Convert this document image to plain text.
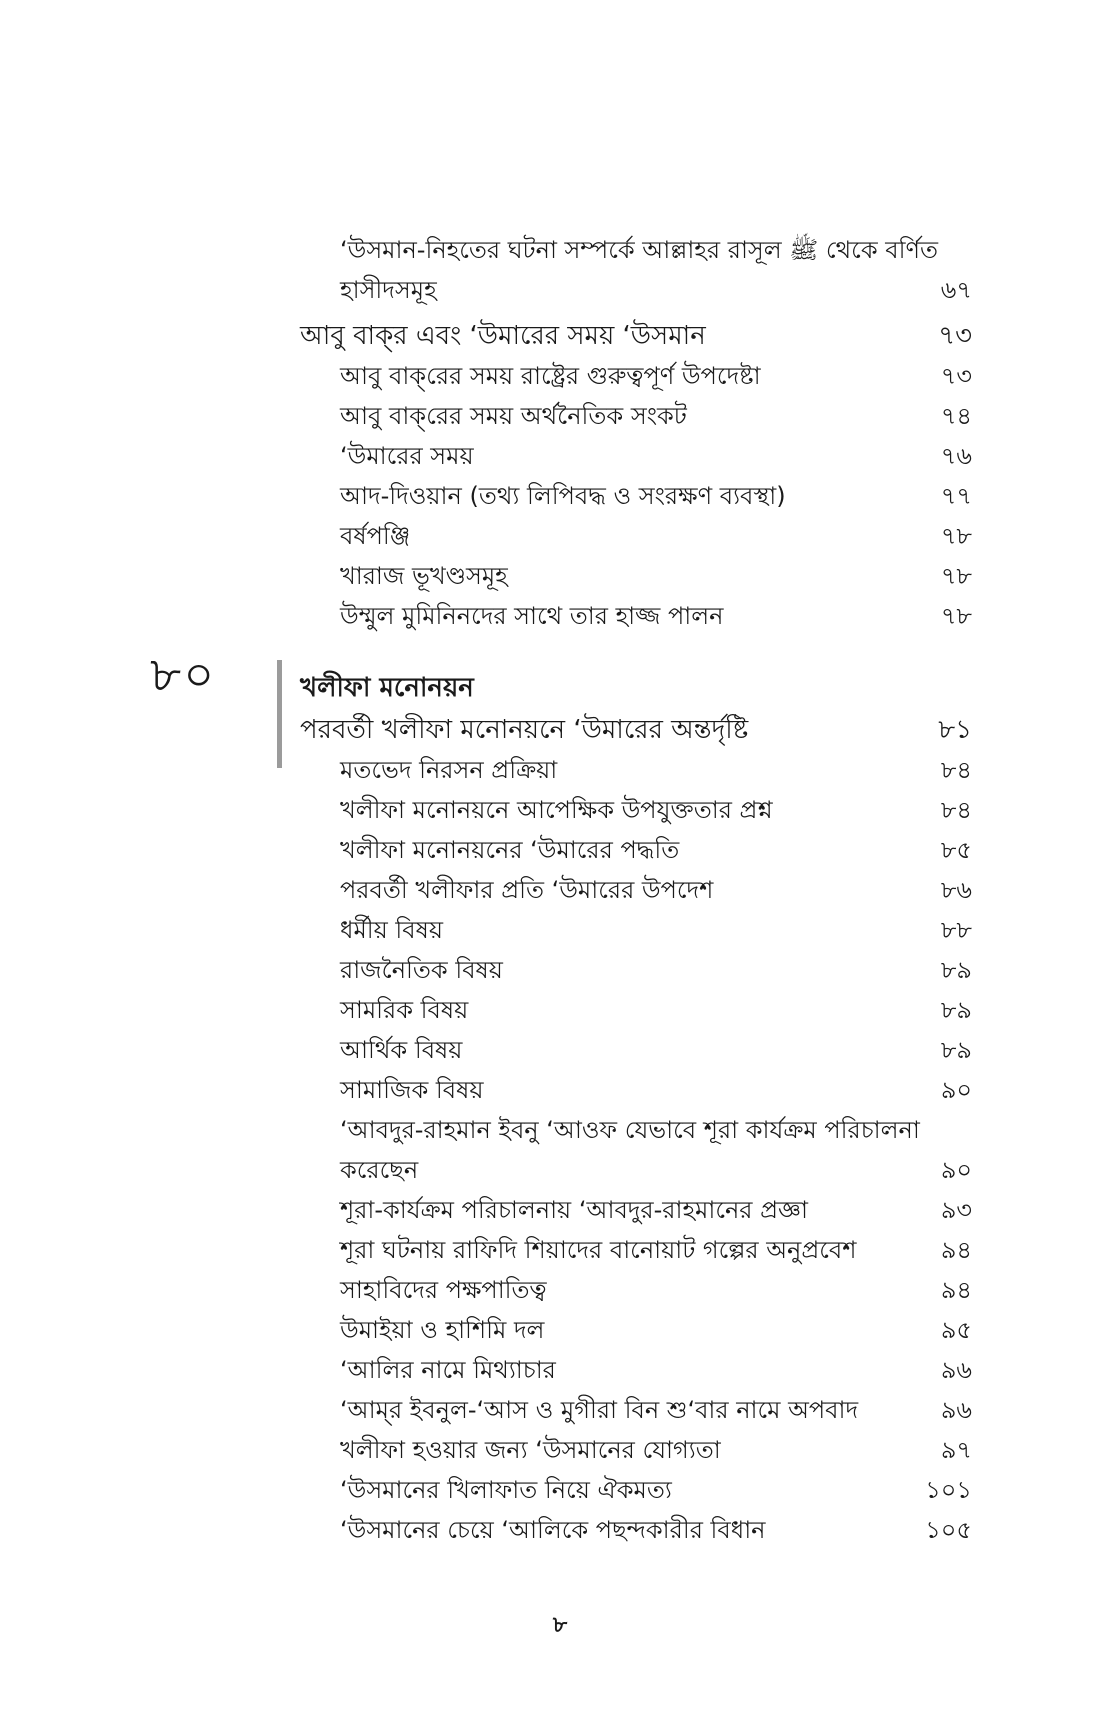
৮০
‘উসমান-নিহতের ঘটনা সম্পর্কে আল্লাহর রাসূল ﷺ থেকে বর্ণিত
হাসীদসমূহ	৬৭
আবু বাক্‌র এবং ‘উমারের সময় ‘উসমান	৭৩
আবু বাক্‌রের সময় রাষ্ট্রের গুরুত্বপূর্ণ উপদেষ্টা	৭৩
আবু বাক্‌রের সময় অর্থনৈতিক সংকট	৭৪
‘উমারের সময়	৭৬
আদ-দিওয়ান (তথ্য লিপিবদ্ধ ও সংরক্ষণ ব্যবস্থা)	৭৭
বর্ষপঞ্জি	৭৮
খারাজ ভূখণ্ডসমূহ	৭৮
উম্মুল মুমিনিনদের সাথে তার হাজ্জ পালন	৭৮
খলীফা মনোনয়ন
পরবর্তী খলীফা মনোনয়নে ‘উমারের অন্তর্দৃষ্টি	৮১
মতভেদ নিরসন প্রক্রিয়া	৮৪
খলীফা মনোনয়নে আপেক্ষিক উপযুক্ততার প্রশ্ন	৮৪
খলীফা মনোনয়নের ‘উমারের পদ্ধতি	৮৫
পরবর্তী খলীফার প্রতি ‘উমারের উপদেশ	৮৬
ধর্মীয় বিষয়	৮৮
রাজনৈতিক বিষয়	৮৯
সামরিক বিষয়	৮৯
আর্থিক বিষয়	৮৯
সামাজিক বিষয়	৯০
‘আবদুর-রাহমান ইবনু ‘আওফ যেভাবে শূরা কার্যক্রম পরিচালনা
করেছেন	৯০
শূরা-কার্যক্রম পরিচালনায় ‘আবদুর-রাহমানের প্রজ্ঞা	৯৩
শূরা ঘটনায় রাফিদি শিয়াদের বানোয়াট গল্পের অনুপ্রবেশ	৯৪
সাহাবিদের পক্ষপাতিত্ব	৯৪
উমাইয়া ও হাশিমি দল	৯৫
‘আলির নামে মিথ্যাচার	৯৬
‘আম্‌র ইবনুল-‘আস ও মুগীরা বিন শু‘বার নামে অপবাদ	৯৬
খলীফা হওয়ার জন্য ‘উসমানের যোগ্যতা	৯৭
‘উসমানের খিলাফাত নিয়ে ঐকমত্য	১০১
‘উসমানের চেয়ে ‘আলিকে পছন্দকারীর বিধান	১০৫
৮
